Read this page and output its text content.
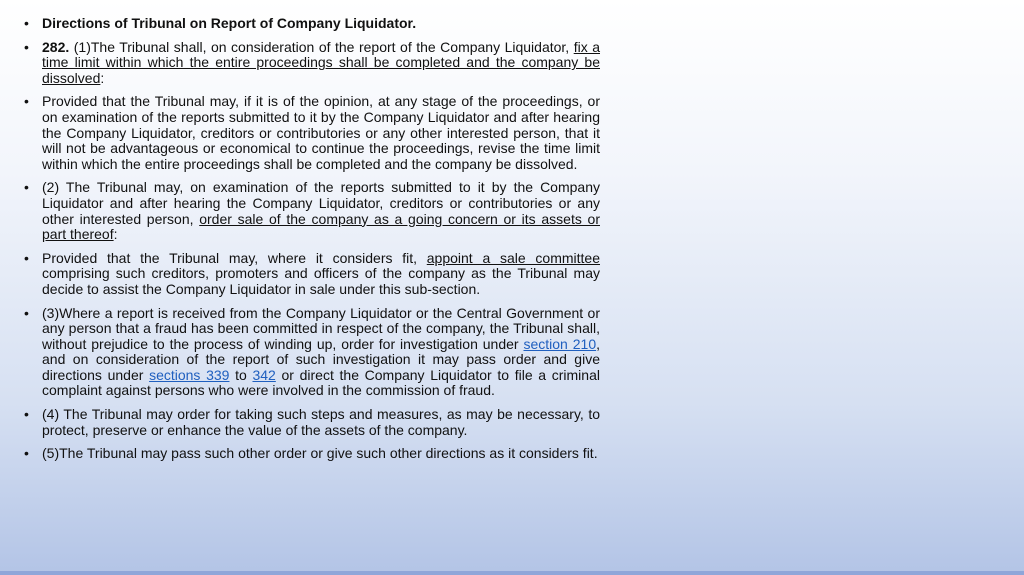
• Directions of Tribunal on Report of Company Liquidator.
• 282. (1)The Tribunal shall, on consideration of the report of the Company Liquidator, fix a time limit within which the entire proceedings shall be completed and the company be dissolved:
• Provided that the Tribunal may, if it is of the opinion, at any stage of the proceedings, or on examination of the reports submitted to it by the Company Liquidator and after hearing the Company Liquidator, creditors or contributories or any other interested person, that it will not be advantageous or economical to continue the proceedings, revise the time limit within which the entire proceedings shall be completed and the company be dissolved.
• (2) The Tribunal may, on examination of the reports submitted to it by the Company Liquidator and after hearing the Company Liquidator, creditors or contributories or any other interested person, order sale of the company as a going concern or its assets or part thereof:
• Provided that the Tribunal may, where it considers fit, appoint a sale committee comprising such creditors, promoters and officers of the company as the Tribunal may decide to assist the Company Liquidator in sale under this sub-section.
• (3)Where a report is received from the Company Liquidator or the Central Government or any person that a fraud has been committed in respect of the company, the Tribunal shall, without prejudice to the process of winding up, order for investigation under section 210, and on consideration of the report of such investigation it may pass order and give directions under sections 339 to 342 or direct the Company Liquidator to file a criminal complaint against persons who were involved in the commission of fraud.
• (4) The Tribunal may order for taking such steps and measures, as may be necessary, to protect, preserve or enhance the value of the assets of the company.
• (5)The Tribunal may pass such other order or give such other directions as it considers fit.
